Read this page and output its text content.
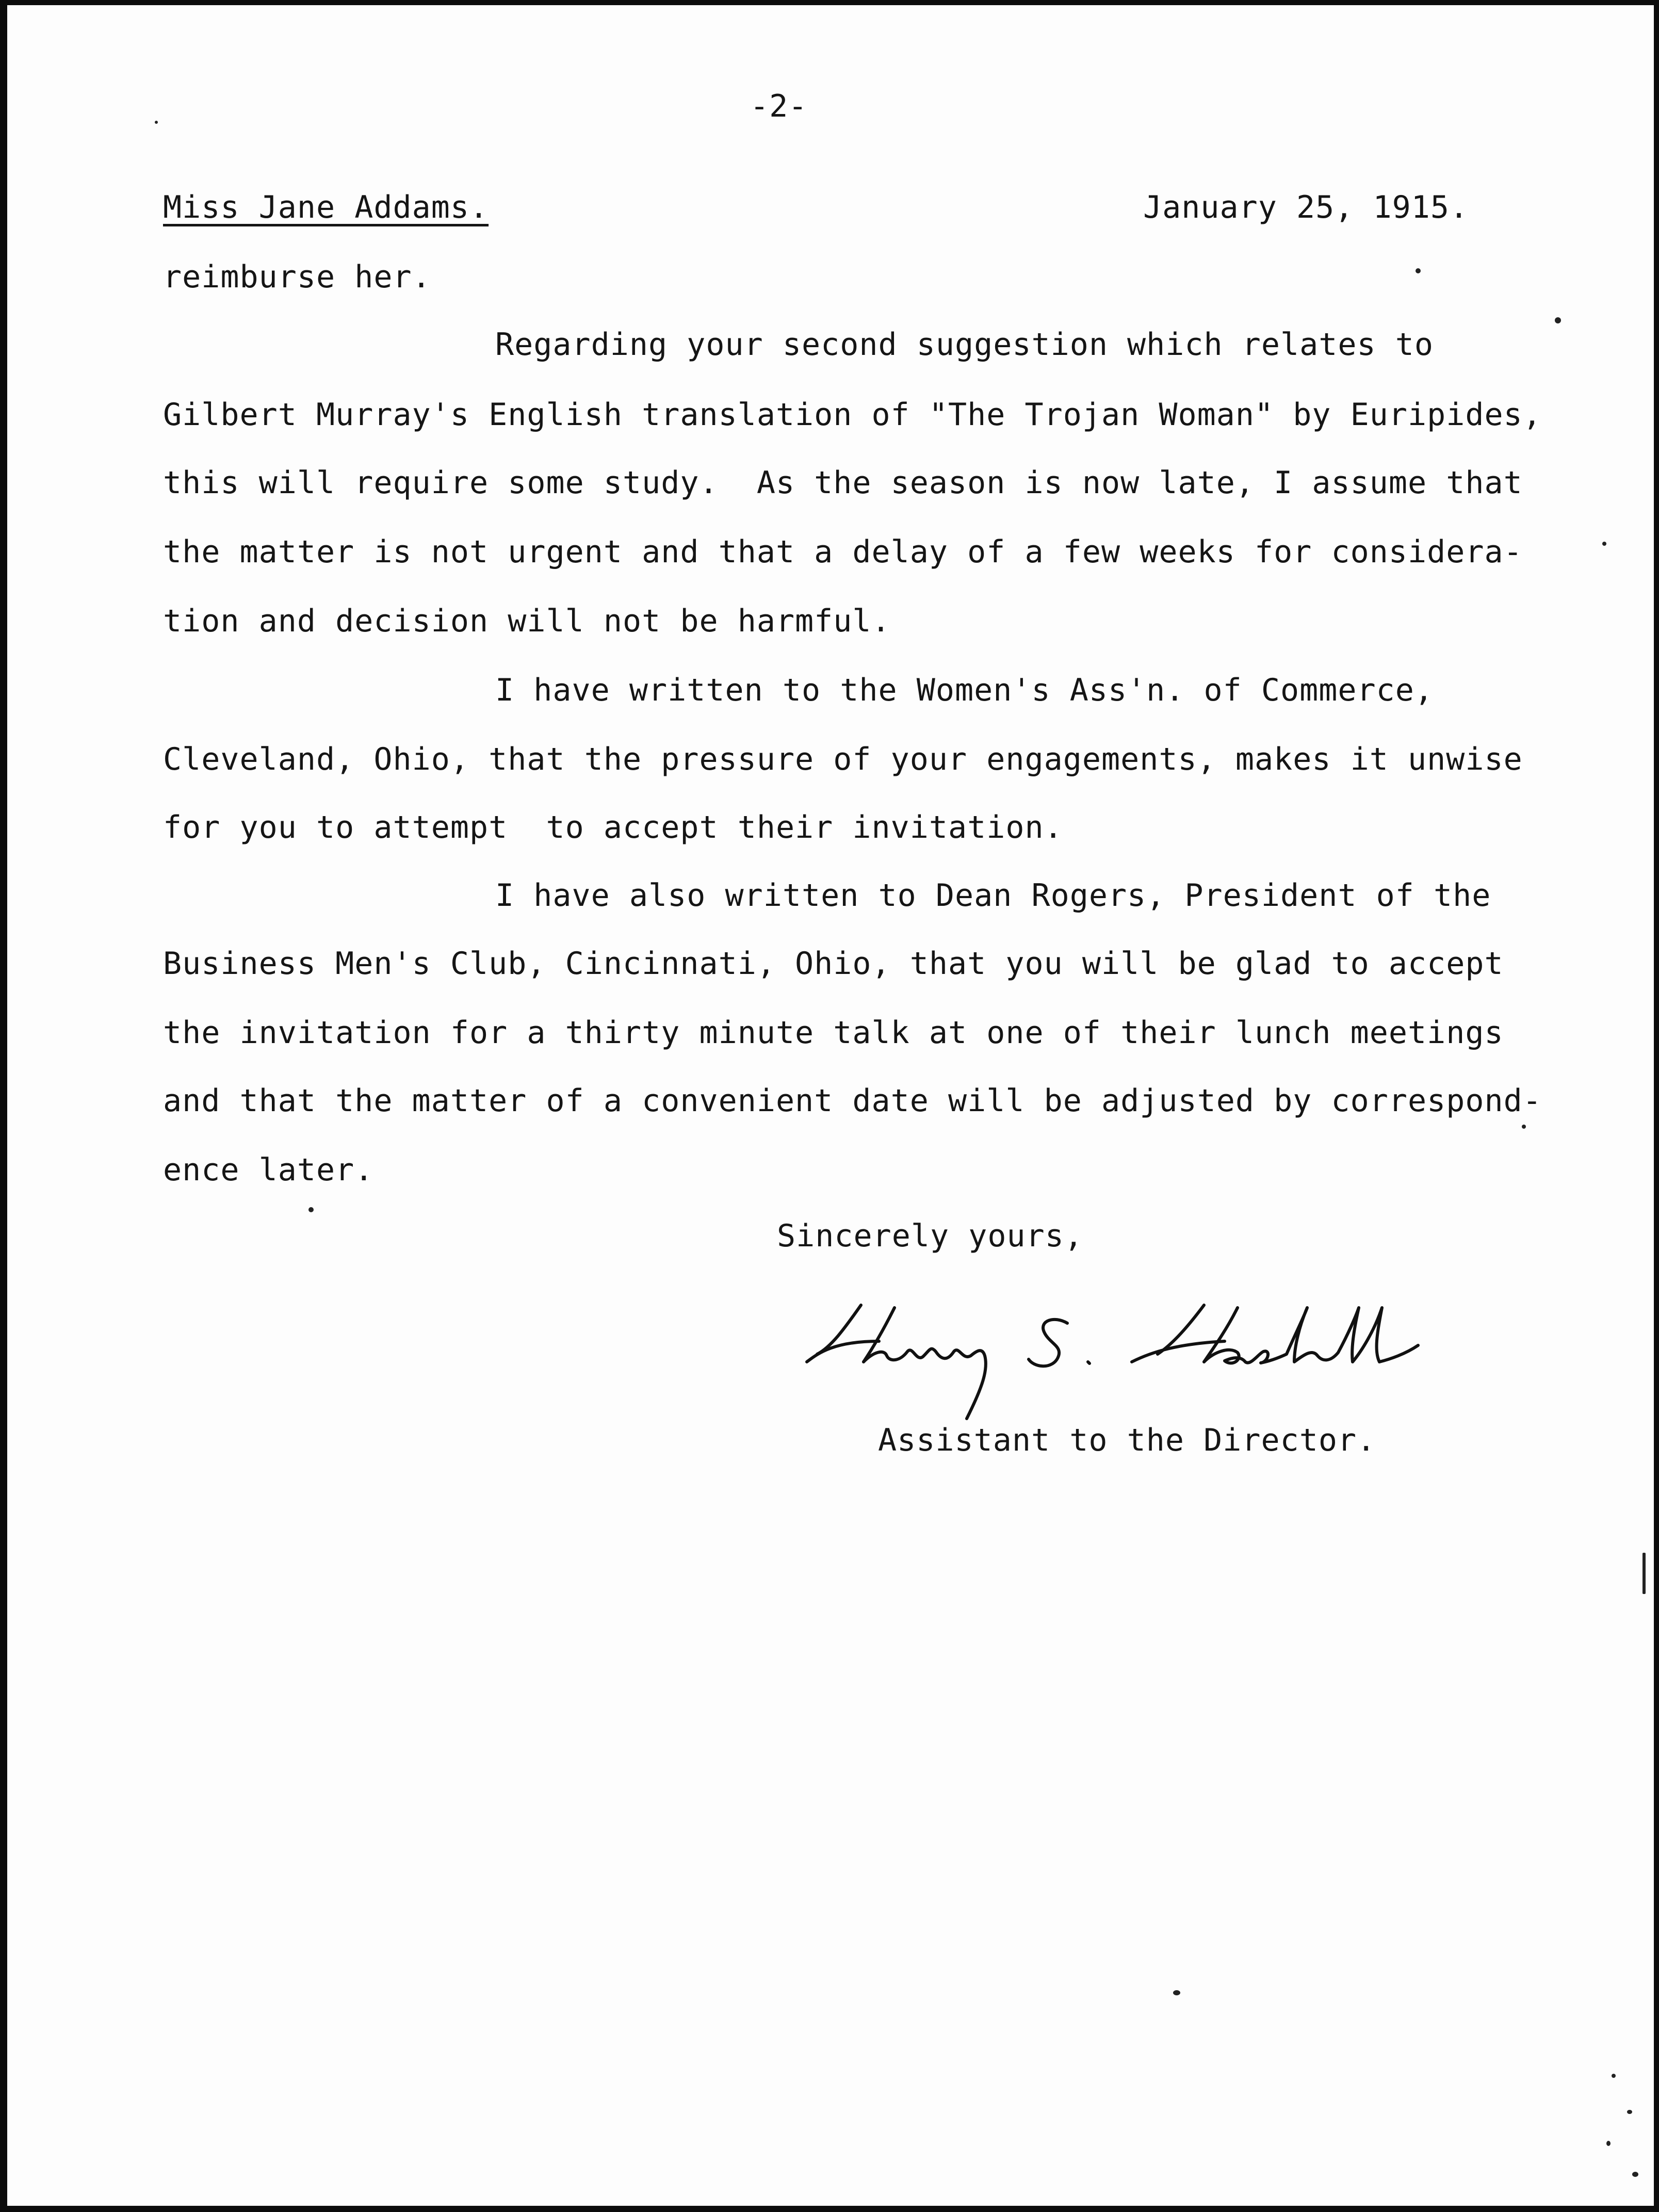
-2-
Miss Jane Addams.	January 25, 1915.
reimburse her.
Regarding your second suggestion which relates to
Gilbert Murray's English translation of "The Trojan Woman" by Euripides,
this will require some study.  As the season is now late, I assume that
the matter is not urgent and that a delay of a few weeks for considera-
tion and decision will not be harmful.
I have written to the Women's Ass'n. of Commerce,
Cleveland, Ohio, that the pressure of your engagements, makes it unwise
for you to attempt  to accept their invitation.
I have also written to Dean Rogers, President of the
Business Men's Club, Cincinnati, Ohio, that you will be glad to accept
the invitation for a thirty minute talk at one of their lunch meetings
and that the matter of a convenient date will be adjusted by correspond-
ence later.
Sincerely yours,
Assistant to the Director.
